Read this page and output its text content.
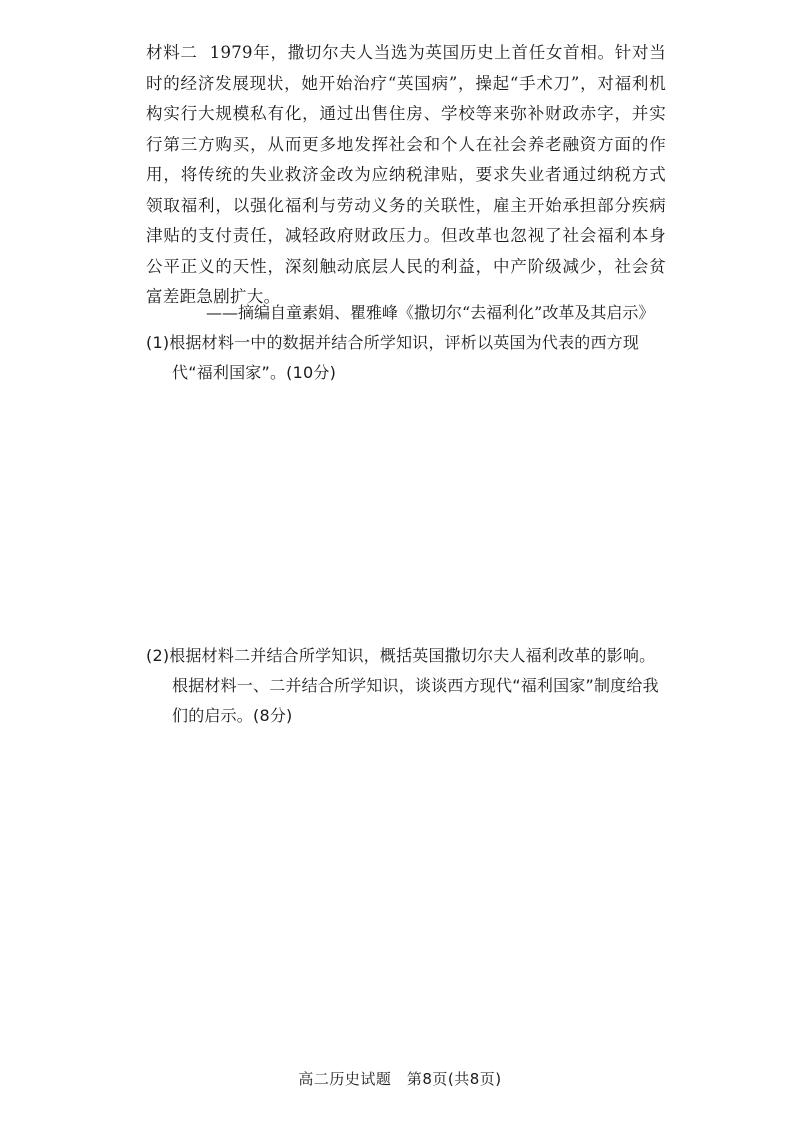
材料二 1979年，撒切尔夫人当选为英国历史上首任女首相。针对当时的经济发展现状，她开始治疗“英国病”，操起“手术刀”，对福利机构实行大规模私有化，通过出售住房、学校等来弥补财政赤字，并实行第三方购买，从而更多地发挥社会和个人在社会养老融资方面的作用，将传统的失业救济金改为应纳税津贴，要求失业者通过纳税方式领取福利，以强化福利与劳动义务的关联性，雇主开始承担部分疾病津贴的支付责任，减轻政府财政压力。但改革也忽视了社会福利本身公平正义的天性，深刻触动底层人民的利益，中产阶级减少，社会贫富差距急剧扩大。
——摘编自童素娟、瞿雅峰《撒切尔“去福利化”改革及其启示》
(1)根据材料一中的数据并结合所学知识，评析以英国为代表的西方现代“福利国家”。(10分)
(2)根据材料二并结合所学知识，概括英国撒切尔夫人福利改革的影响。根据材料一、二并结合所学知识，谈谈西方现代“福利国家”制度给我们的启示。(8分)
高二历史试题　第8页(共8页)
